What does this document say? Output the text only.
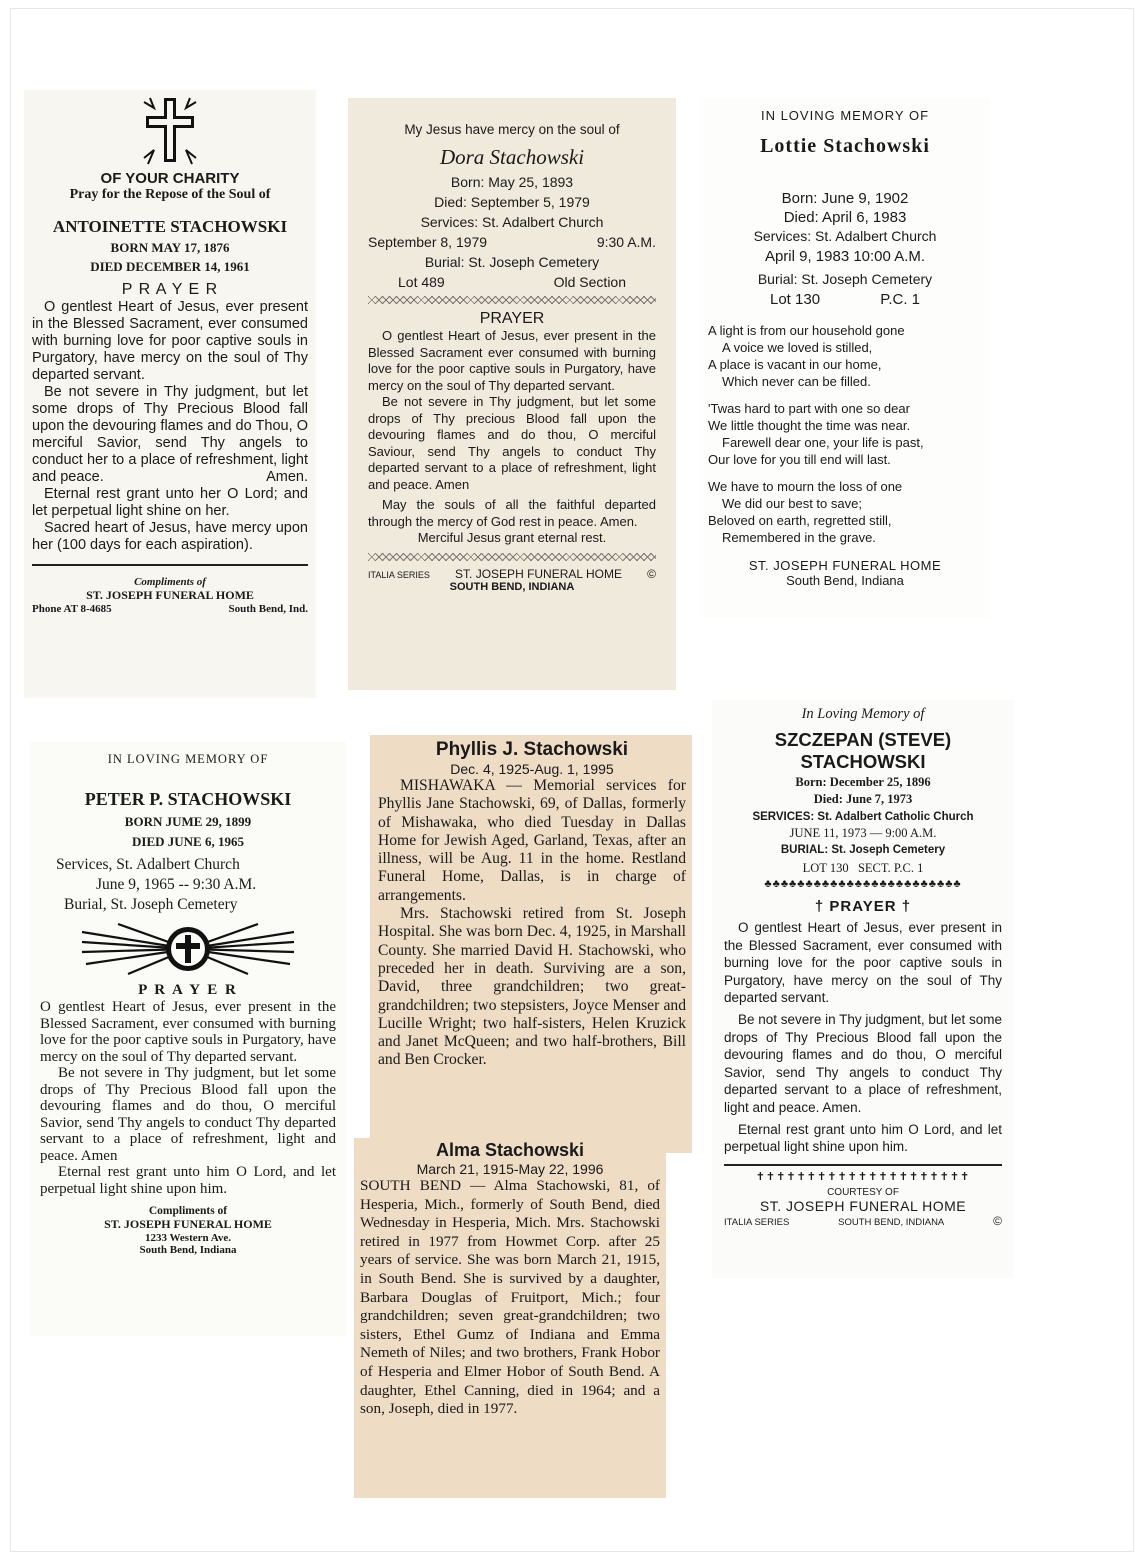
OF YOUR CHARITY

Pray for the Repose of the Soul of

ANTOINETTE STACHOWSKI

BORN MAY 17, 1876

DIED DECEMBER 14, 1961

P R A Y E R

O gentlest Heart of Jesus, ever present in the Blessed Sacrament, ever consumed with burning love for poor captive souls in Purgatory, have mercy on the soul of Thy departed servant.

Be not severe in Thy judgment, but let some drops of Thy Precious Blood fall upon the devouring flames and do Thou, O merciful Savior, send Thy angels to conduct her to a place of refreshment, light and peace.	Amen.

Eternal rest grant unto her O Lord; and let perpetual light shine on her.

Sacred heart of Jesus, have mercy upon her (100 days for each aspiration).

Compliments of

ST. JOSEPH FUNERAL HOME

Phone AT 8-4685	South Bend, Ind.

My Jesus have mercy on the soul of

Dora Stachowski

Born: May 25, 1893

Died: September 5, 1979

Services: St. Adalbert Church

September 8, 1979	9:30 A.M.

Burial: St. Joseph Cemetery

Lot 489	Old Section

PRAYER

O gentlest Heart of Jesus, ever present in the Blessed Sacrament ever consumed with burning love for the poor captive souls in Purgatory, have mercy on the soul of Thy departed servant.

Be not severe in Thy judgment, but let some drops of Thy precious Blood fall upon the devouring flames and do thou, O merciful Saviour, send Thy angels to conduct Thy departed servant to a place of refreshment, light and peace. Amen

May the souls of all the faithful departed through the mercy of God rest in peace. Amen.

Merciful Jesus grant eternal rest.

ITALIA SERIES ST. JOSEPH FUNERAL HOME ©

SOUTH BEND, INDIANA

IN LOVING MEMORY OF

Lottie Stachowski

Born: June 9, 1902

Died: April 6, 1983

Services: St. Adalbert Church

April 9, 1983 10:00 A.M.

Burial: St. Joseph Cemetery

Lot 130	P.C. 1

A light is from our household gone

A voice we loved is stilled,

A place is vacant in our home,

Which never can be filled.

'Twas hard to part with one so dear

We little thought the time was near.

Farewell dear one, your life is past,

Our love for you till end will last.

We have to mourn the loss of one

We did our best to save;

Beloved on earth, regretted still,

Remembered in the grave.

ST. JOSEPH FUNERAL HOME

South Bend, Indiana

IN LOVING MEMORY OF

PETER P. STACHOWSKI

BORN JUME 29, 1899

DIED JUNE 6, 1965

Services, St. Adalbert Church

June 9, 1965 -- 9:30 A.M.

Burial, St. Joseph Cemetery

P R A Y E R

O gentlest Heart of Jesus, ever present in the Blessed Sacrament, ever consumed with burning love for the poor captive souls in Purgatory, have mercy on the soul of Thy departed servant.

Be not severe in Thy judgment, but let some drops of Thy Precious Blood fall upon the devouring flames and do thou, O merciful Savior, send Thy angels to conduct Thy departed servant to a place of refreshment, light and peace. Amen

Eternal rest grant unto him O Lord, and let perpetual light shine upon him.

Compliments of

ST. JOSEPH FUNERAL HOME

1233 Western Ave.

South Bend, Indiana

Phyllis J. Stachowski

Dec. 4, 1925-Aug. 1, 1995

MISHAWAKA — Memorial services for Phyllis Jane Stachowski, 69, of Dallas, formerly of Mishawaka, who died Tuesday in Dallas Home for Jewish Aged, Garland, Texas, after an illness, will be Aug. 11 in the home. Restland Funeral Home, Dallas, is in charge of arrangements.

Mrs. Stachowski retired from St. Joseph Hospital. She was born Dec. 4, 1925, in Marshall County. She married David H. Stachowski, who preceded her in death. Surviving are a son, David, three grandchildren; two great-grandchildren; two stepsisters, Joyce Menser and Lucille Wright; two half-sisters, Helen Kruzick and Janet McQueen; and two half-brothers, Bill and Ben Crocker.

Alma Stachowski

March 21, 1915-May 22, 1996

SOUTH BEND — Alma Stachowski, 81, of Hesperia, Mich., formerly of South Bend, died Wednesday in Hesperia, Mich. Mrs. Stachowski retired in 1977 from Howmet Corp. after 25 years of service. She was born March 21, 1915, in South Bend. She is survived by a daughter, Barbara Douglas of Fruitport, Mich.; four grandchildren; seven great-grandchildren; two sisters, Ethel Gumz of Indiana and Emma Nemeth of Niles; and two brothers, Frank Hobor of Hesperia and Elmer Hobor of South Bend. A daughter, Ethel Canning, died in 1964; and a son, Joseph, died in 1977.

In Loving Memory of

SZCZEPAN (STEVE) STACHOWSKI

Born: December 25, 1896

Died: June 7, 1973

SERVICES: St. Adalbert Catholic Church

JUNE 11, 1973 — 9:00 A.M.

BURIAL: St. Joseph Cemetery

LOT 130   SECT. P.C. 1

♣♣♣♣♣♣♣♣♣♣♣♣♣♣♣♣♣♣♣♣♣♣♣♣

† PRAYER †

O gentlest Heart of Jesus, ever present in the Blessed Sacrament, ever consumed with burning love for the poor captive souls in Purgatory, have mercy on the soul of Thy departed servant.

Be not severe in Thy judgment, but let some drops of Thy Precious Blood fall upon the devouring flames and do thou, O merciful Savior, send Thy angels to conduct Thy departed servant to a place of refreshment, light and peace. Amen.

Eternal rest grant unto him O Lord, and let perpetual light shine upon him.

✝✝✝✝✝✝✝✝✝✝✝✝✝✝✝✝✝✝✝✝✝

COURTESY OF

ST. JOSEPH FUNERAL HOME

ITALIA SERIES	SOUTH BEND, INDIANA	©
